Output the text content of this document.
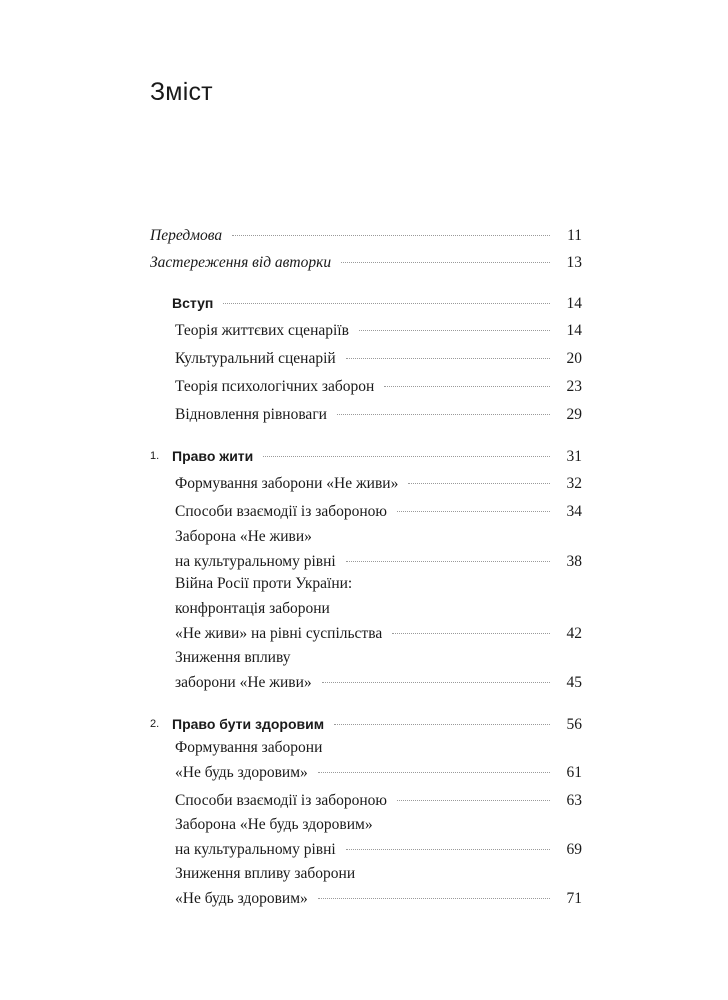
Зміст
Передмова	11
Застереження від авторки	13
Вступ	14
Теорія життєвих сценаріїв	14
Культуральний сценарій	20
Теорія психологічних заборон	23
Відновлення рівноваги	29
1. Право жити	31
Формування заборони «Не живи»	32
Способи взаємодії із забороною	34
Заборона «Не живи»
на культуральному рівні	38
Війна Росії проти України:
конфронтація заборони
«Не живи» на рівні суспільства	42
Зниження впливу
заборони «Не живи»	45
2. Право бути здоровим	56
Формування заборони
«Не будь здоровим»	61
Способи взаємодії із забороною	63
Заборона «Не будь здоровим»
на культуральному рівні	69
Зниження впливу заборони
«Не будь здоровим»	71
